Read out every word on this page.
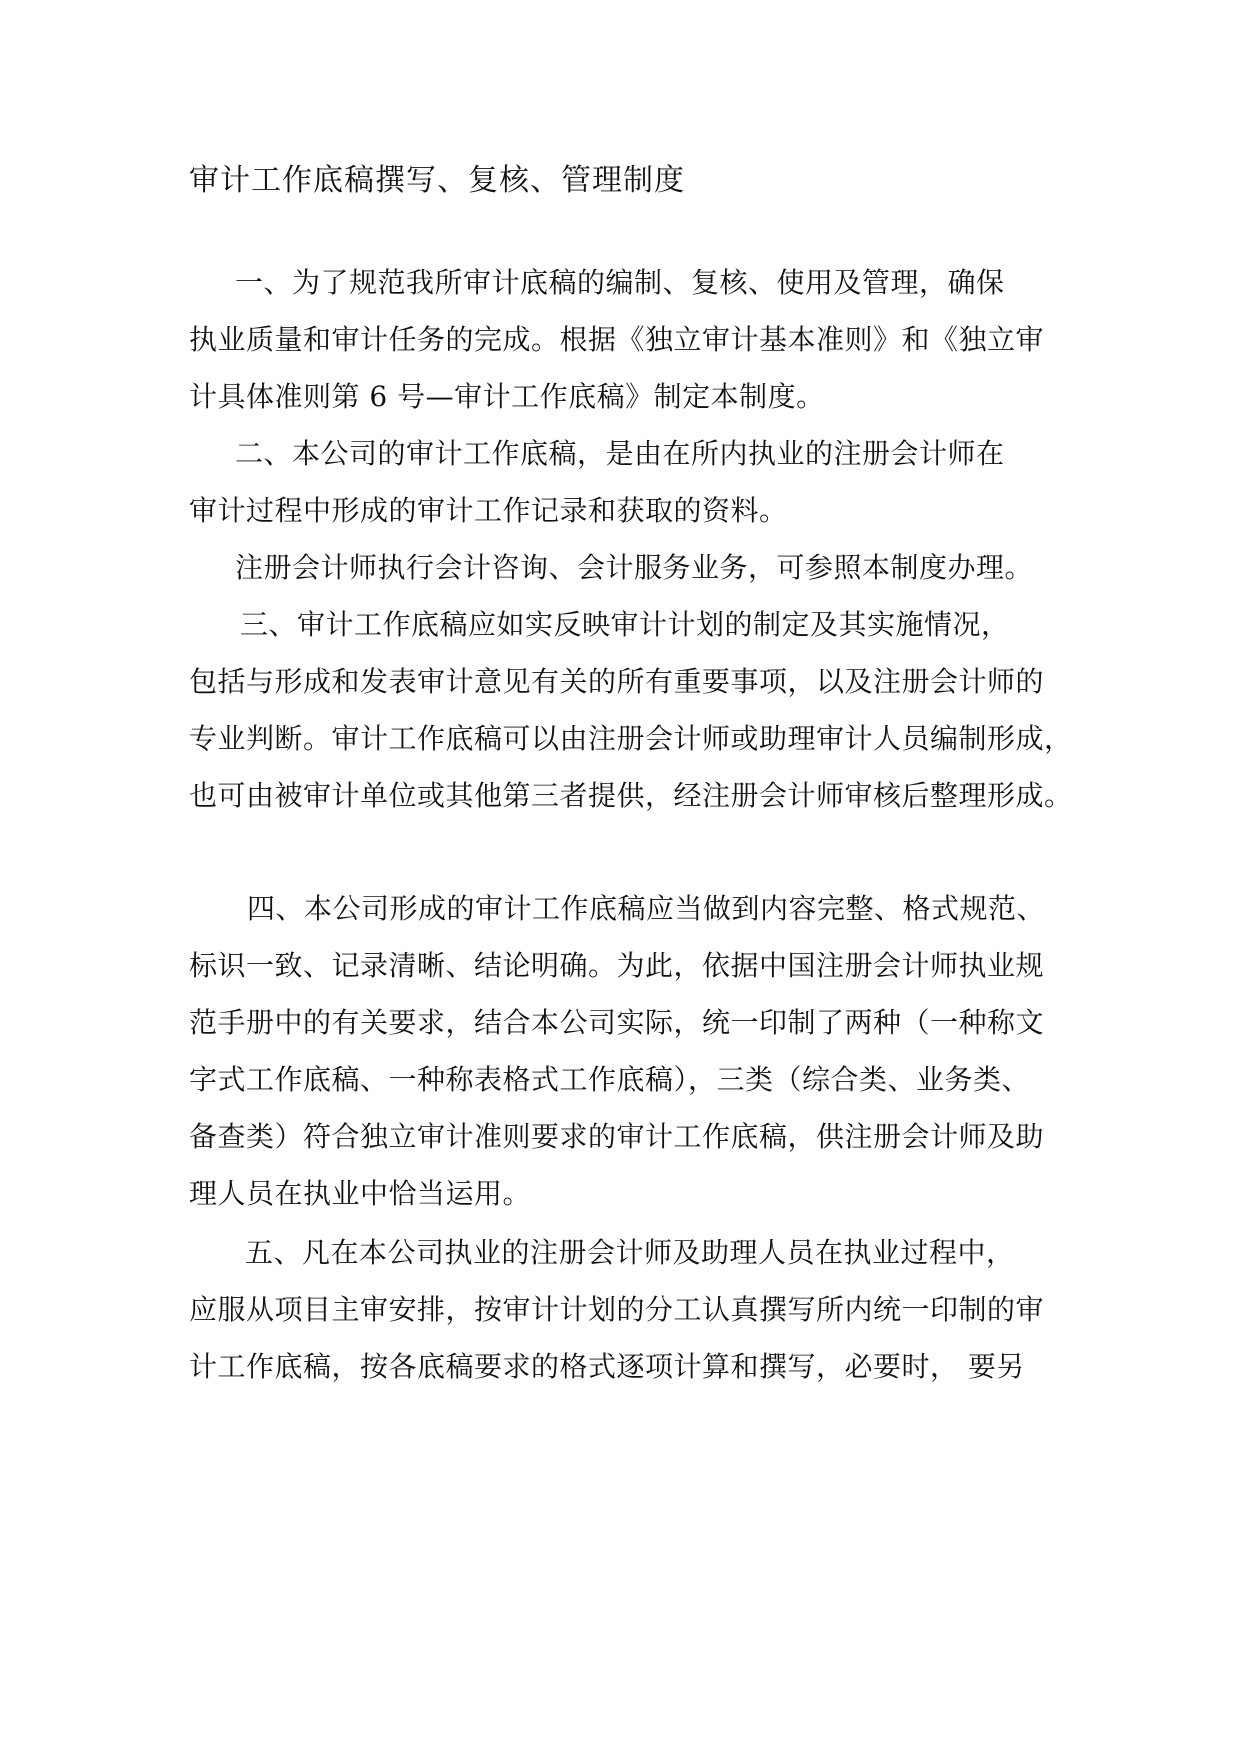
审计工作底稿撰写、复核、管理制度
一、为了规范我所审计底稿的编制、复核、使用及管理，确保
执业质量和审计任务的完成。根据《独立审计基本准则》和《独立审
计具体准则第 6 号—审计工作底稿》制定本制度。
二、本公司的审计工作底稿，是由在所内执业的注册会计师在
审计过程中形成的审计工作记录和获取的资料。
注册会计师执行会计咨询、会计服务业务，可参照本制度办理。
三、审计工作底稿应如实反映审计计划的制定及其实施情况，
包括与形成和发表审计意见有关的所有重要事项，以及注册会计师的
专业判断。审计工作底稿可以由注册会计师或助理审计人员编制形成，
也可由被审计单位或其他第三者提供，经注册会计师审核后整理形成。
四、本公司形成的审计工作底稿应当做到内容完整、格式规范、
标识一致、记录清晰、结论明确。为此，依据中国注册会计师执业规
范手册中的有关要求，结合本公司实际，统一印制了两种（一种称文
字式工作底稿、一种称表格式工作底稿），三类（综合类、业务类、
备查类）符合独立审计准则要求的审计工作底稿，供注册会计师及助
理人员在执业中恰当运用。
五、凡在本公司执业的注册会计师及助理人员在执业过程中，
应服从项目主审安排，按审计计划的分工认真撰写所内统一印制的审
计工作底稿，按各底稿要求的格式逐项计算和撰写，必要时， 要另
